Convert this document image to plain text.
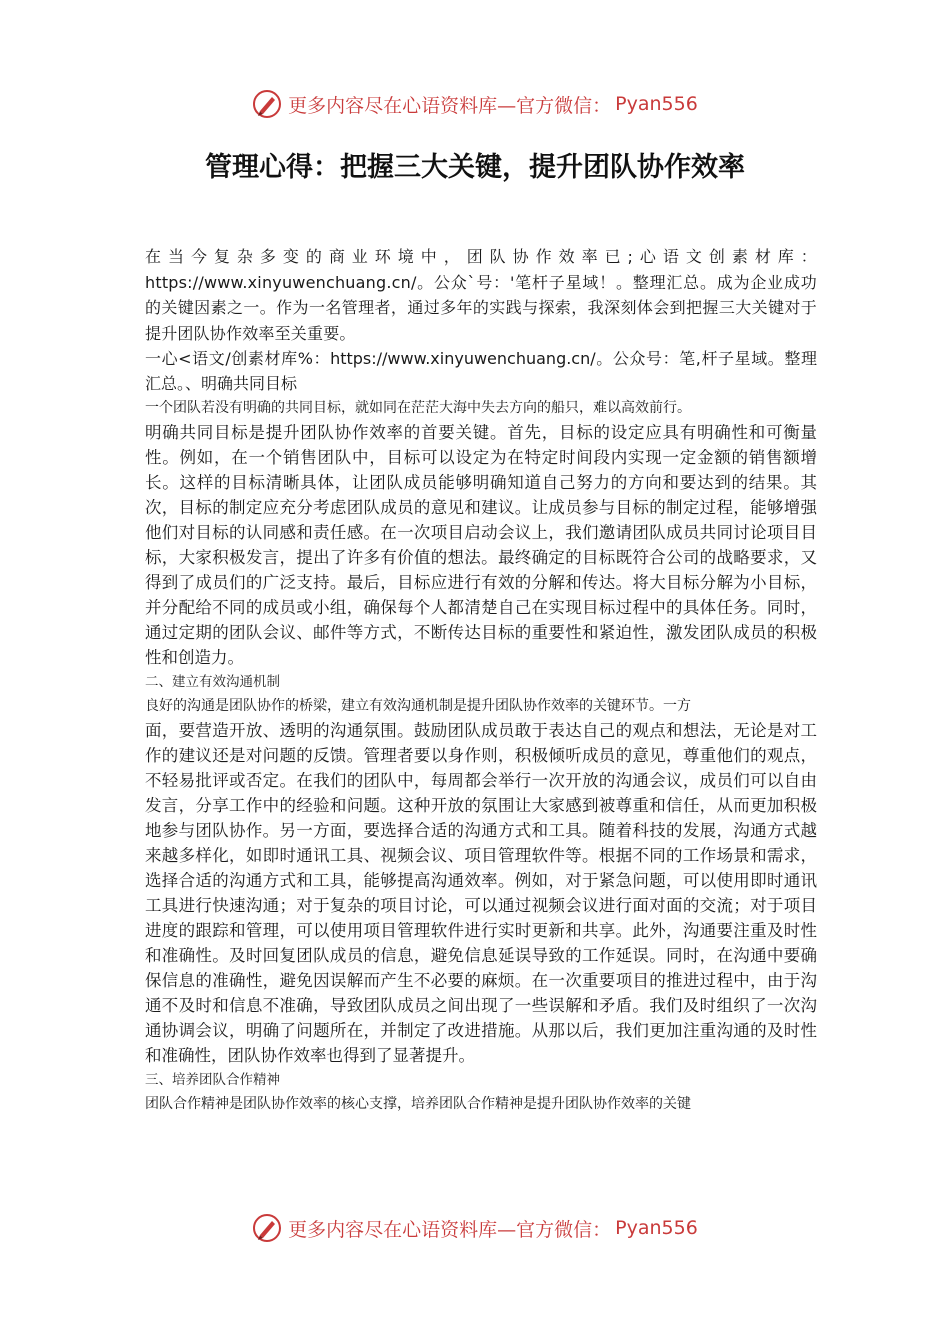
更多内容尽在心语资料库—官方微信： Pyan556
管理心得：把握三大关键，提升团队协作效率

在当今复杂多变的商业环境中，团队协作效率已;心语文创素材库：https://www.xinyuwenchuang.cn/。公众`号：'笔杆子星域！。整理汇总。成为企业成功的关键因素之一。作为一名管理者，通过多年的实践与探索，我深刻体会到把握三大关键对于提升团队协作效率至关重要。

一心<语文/创素材库%：https://www.xinyuwenchuang.cn/。公众号：笔,杆子星域。整理汇总。、明确共同目标

一个团队若没有明确的共同目标，就如同在茫茫大海中失去方向的船只，难以高效前行。

明确共同目标是提升团队协作效率的首要关键。首先，目标的设定应具有明确性和可衡量性。例如，在一个销售团队中，目标可以设定为在特定时间段内实现一定金额的销售额增长。这样的目标清晰具体，让团队成员能够明确知道自己努力的方向和要达到的结果。其次，目标的制定应充分考虑团队成员的意见和建议。让成员参与目标的制定过程，能够增强他们对目标的认同感和责任感。在一次项目启动会议上，我们邀请团队成员共同讨论项目目标，大家积极发言，提出了许多有价值的想法。最终确定的目标既符合公司的战略要求，又得到了成员们的广泛支持。最后，目标应进行有效的分解和传达。将大目标分解为小目标，并分配给不同的成员或小组，确保每个人都清楚自己在实现目标过程中的具体任务。同时，通过定期的团队会议、邮件等方式，不断传达目标的重要性和紧迫性，激发团队成员的积极性和创造力。

二、建立有效沟通机制

良好的沟通是团队协作的桥梁，建立有效沟通机制是提升团队协作效率的关键环节。一方

面，要营造开放、透明的沟通氛围。鼓励团队成员敢于表达自己的观点和想法，无论是对工作的建议还是对问题的反馈。管理者要以身作则，积极倾听成员的意见，尊重他们的观点，不轻易批评或否定。在我们的团队中，每周都会举行一次开放的沟通会议，成员们可以自由发言，分享工作中的经验和问题。这种开放的氛围让大家感到被尊重和信任，从而更加积极地参与团队协作。另一方面，要选择合适的沟通方式和工具。随着科技的发展，沟通方式越来越多样化，如即时通讯工具、视频会议、项目管理软件等。根据不同的工作场景和需求，选择合适的沟通方式和工具，能够提高沟通效率。例如，对于紧急问题，可以使用即时通讯工具进行快速沟通；对于复杂的项目讨论，可以通过视频会议进行面对面的交流；对于项目进度的跟踪和管理，可以使用项目管理软件进行实时更新和共享。此外，沟通要注重及时性和准确性。及时回复团队成员的信息，避免信息延误导致的工作延误。同时，在沟通中要确保信息的准确性，避免因误解而产生不必要的麻烦。在一次重要项目的推进过程中，由于沟通不及时和信息不准确，导致团队成员之间出现了一些误解和矛盾。我们及时组织了一次沟通协调会议，明确了问题所在，并制定了改进措施。从那以后，我们更加注重沟通的及时性和准确性，团队协作效率也得到了显著提升。

三、培养团队合作精神

团队合作精神是团队协作效率的核心支撑，培养团队合作精神是提升团队协作效率的关键

更多内容尽在心语资料库—官方微信： Pyan556
